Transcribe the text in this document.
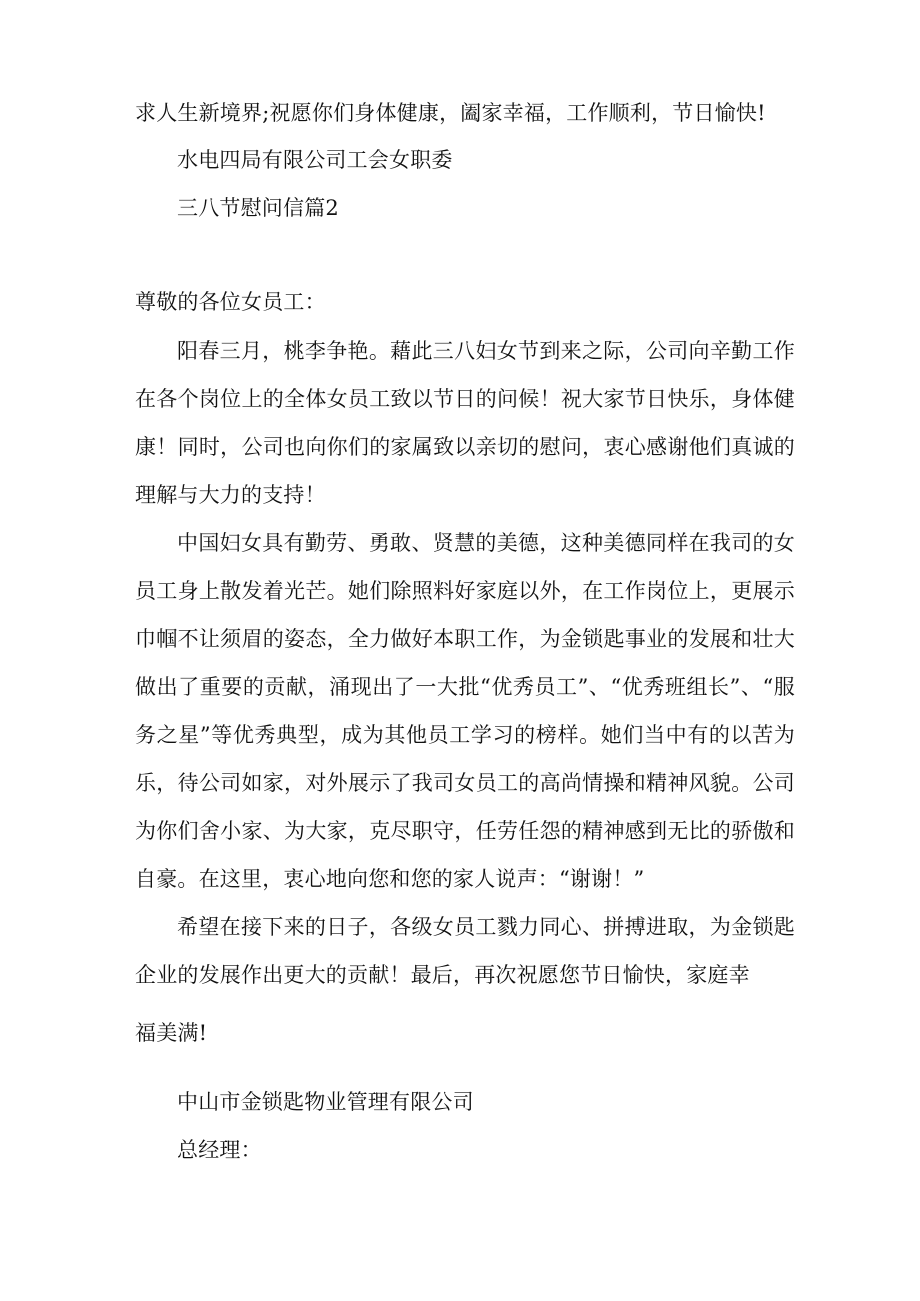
求人生新境界;祝愿你们身体健康，阖家幸福，工作顺利，节日愉快!
水电四局有限公司工会女职委
三八节慰问信篇2
尊敬的各位女员工：
阳春三月，桃李争艳。藉此三八妇女节到来之际，公司向辛勤工作在各个岗位上的全体女员工致以节日的问候！祝大家节日快乐，身体健康！同时，公司也向你们的家属致以亲切的慰问，衷心感谢他们真诚的理解与大力的支持！
中国妇女具有勤劳、勇敢、贤慧的美德，这种美德同样在我司的女员工身上散发着光芒。她们除照料好家庭以外，在工作岗位上，更展示巾帼不让须眉的姿态，全力做好本职工作，为金锁匙事业的发展和壮大做出了重要的贡献，涌现出了一大批“优秀员工”、“优秀班组长”、“服务之星”等优秀典型，成为其他员工学习的榜样。她们当中有的以苦为乐，待公司如家，对外展示了我司女员工的高尚情操和精神风貌。公司为你们舍小家、为大家，克尽职守，任劳任怨的精神感到无比的骄傲和自豪。在这里，衷心地向您和您的家人说声：“谢谢！”
希望在接下来的日子，各级女员工戮力同心、拼搏进取，为金锁匙企业的发展作出更大的贡献！最后，再次祝愿您节日愉快，家庭幸
福美满!
中山市金锁匙物业管理有限公司
总经理：
